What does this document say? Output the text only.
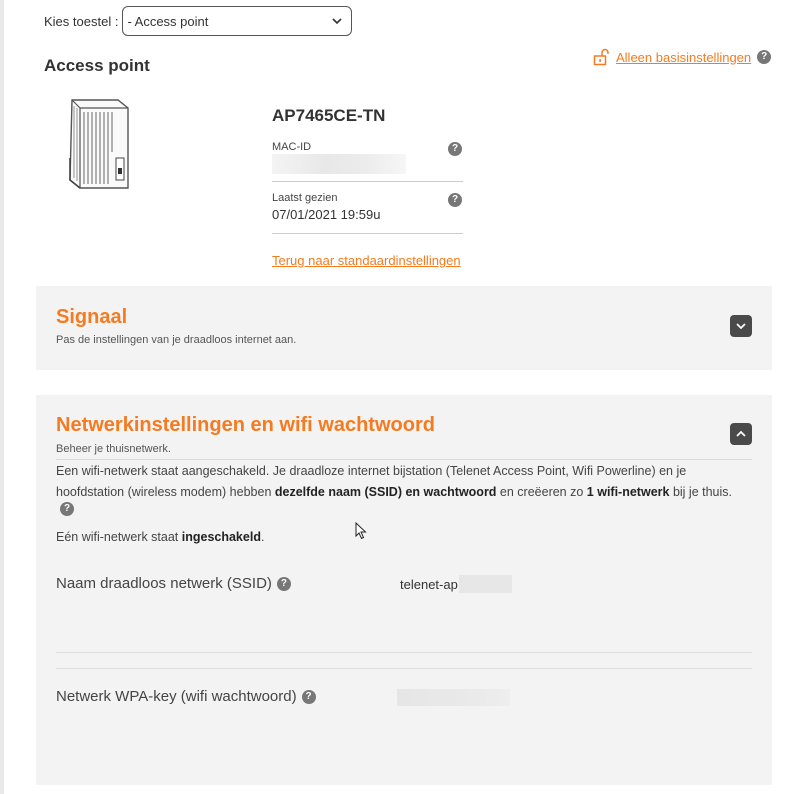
Kies toestel : - Access point
Access point	Alleen basisinstellingen ?
AP7465CE-TN
MAC-ID	?
Laatst gezien
07/01/2021 19:59u
?
Terug naar standaardinstellingen
Signaal
Pas de instellingen van je draadloos internet aan.
Netwerkinstellingen en wifi wachtwoord
Beheer je thuisnetwerk.
Een wifi-netwerk staat aangeschakeld. Je draadloze internet bijstation (Telenet Access Point, Wifi Powerline) en je hoofdstation (wireless modem) hebben dezelfde naam (SSID) en wachtwoord en creëeren zo 1 wifi-netwerk bij je thuis.
?
Eén wifi-netwerk staat ingeschakeld.
Naam draadloos netwerk (SSID) ?	telenet-ap
Netwerk WPA-key (wifi wachtwoord) ?
